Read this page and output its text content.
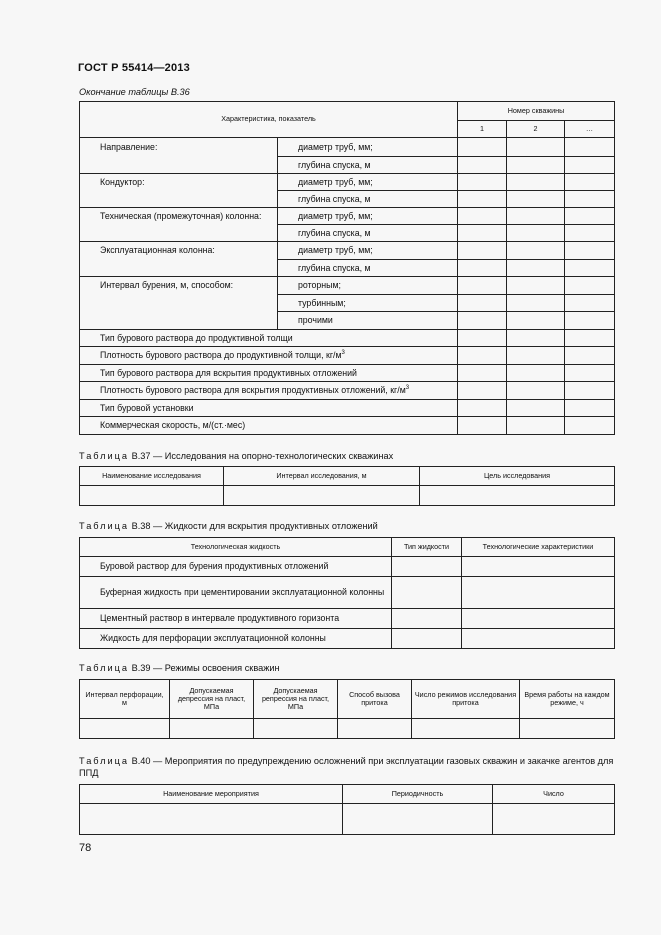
ГОСТ Р 55414—2013
Окончание таблицы В.36
Характеристика, показатель		Номер скважины		
		1	2	…
Направление:	диаметр труб, мм;			
	глубина спуска, м			
Кондуктор:	диаметр труб, мм;			
	глубина спуска, м			
Техническая (промежуточная) колонна:	диаметр труб, мм;			
	глубина спуска, м			
Эксплуатационная колонна:	диаметр труб, мм;			
	глубина спуска, м			
Интервал бурения, м, способом:	роторным;			
	турбинным;			
	прочими			
Тип бурового раствора до продуктивной толщи				
Плотность бурового раствора до продуктивной толщи, $кг/м^3$			
Тип бурового раствора для вскрытия продуктивных отложений				
Плотность бурового раствора для вскрытия продуктивных отложений, $кг/м^3$			
Тип буровой установки				
Коммерческая скорость, м/(ст.·мес)				
Таблица В.37 — Исследования на опорно-технологических скважинах
Наименование исследования	Интервал исследования, м	Цель исследования

Таблица В.38 — Жидкости для вскрытия продуктивных отложений
Технологическая жидкость	Тип жидкости	Технологические характеристики
Буровой раствор для бурения продуктивных отложений		
Буферная жидкость при цементировании эксплуатационной колонны		
Цементный раствор в интервале продуктивного горизонта		
Жидкость для перфорации эксплуатационной колонны		
Таблица В.39 — Режимы освоения скважин
Интервал перфорации, м	Допускаемая депрессия на пласт, МПа	Допускаемая репрессия на пласт, МПа	Способ вызова притока	Число режимов исследования притока	Время работы на каждом режиме, ч

Таблица В.40 — Мероприятия по предупреждению осложнений при эксплуатации газовых скважин и закачке агентов для ППД
Наименование мероприятия	Периодичность	Число

78
